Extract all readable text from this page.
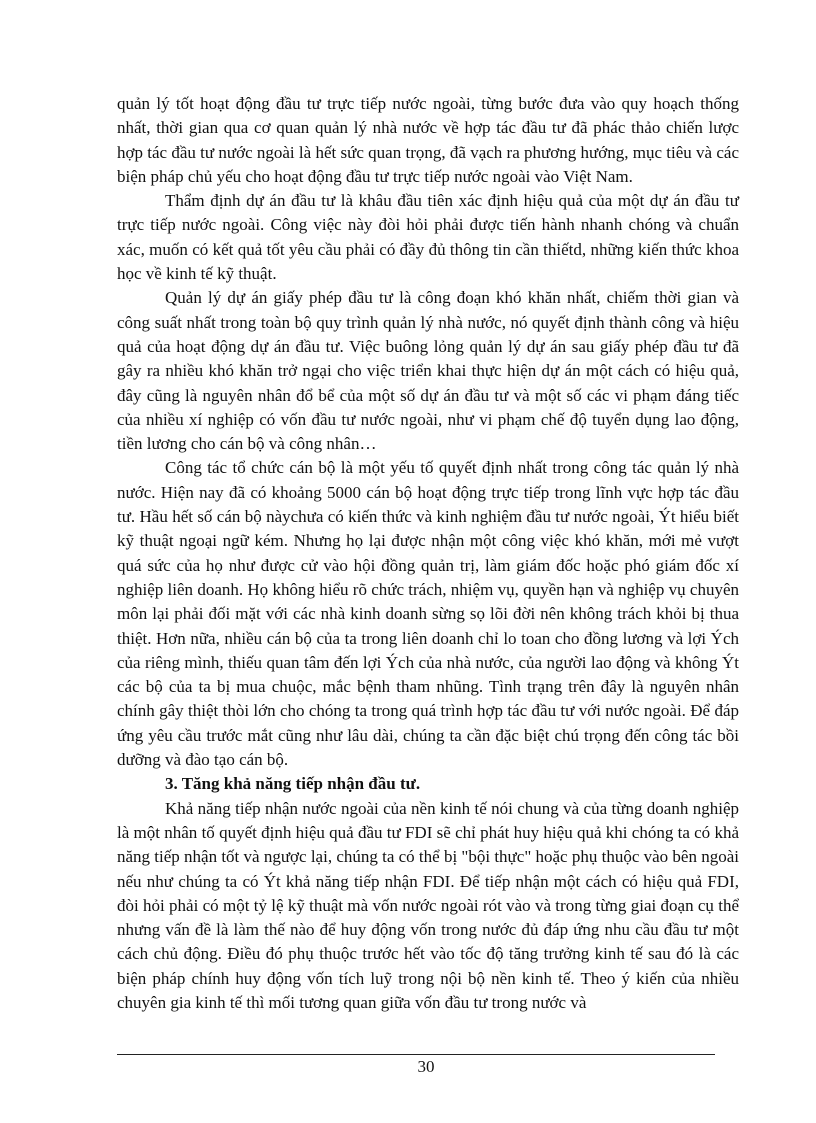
quản lý tốt hoạt động đầu tư trực tiếp nước ngoài, từng bước đưa vào quy hoạch thống nhất, thời gian qua cơ quan quản lý nhà nước về hợp tác đầu tư đã phác thảo chiến lược hợp tác đầu tư nước ngoài là hết sức quan trọng, đã vạch ra phương hướng, mục tiêu và các biện pháp chủ yếu cho hoạt động đầu tư trực tiếp nước ngoài vào Việt Nam.

Thẩm định dự án đầu tư là khâu đầu tiên xác định hiệu quả của một dự án đầu tư trực tiếp nước ngoài. Công việc này đòi hỏi phải được tiến hành nhanh chóng và chuẩn xác, muốn có kết quả tốt yêu cầu phải có đầy đủ thông tin cần thiếtd, những kiến thức khoa học về kinh tế kỹ thuật.

Quản lý dự án giấy phép đầu tư là công đoạn khó khăn nhất, chiếm thời gian và công suất nhất trong toàn bộ quy trình quản lý nhà nước, nó quyết định thành công và hiệu quả của hoạt động dự án đầu tư. Việc buông lỏng quản lý dự án sau giấy phép đầu tư đã gây ra nhiều khó khăn trở ngại cho việc triển khai thực hiện dự án một cách có hiệu quả, đây cũng là nguyên nhân đổ bể của một số dự án đầu tư và một số các vi phạm đáng tiếc của nhiều xí nghiệp có vốn đầu tư nước ngoài, như vi phạm chế độ tuyển dụng lao động, tiền lương cho cán bộ và công nhân…

Công tác tổ chức cán bộ là một yếu tố quyết định nhất trong công tác quản lý nhà nước. Hiện nay đã có khoảng 5000 cán bộ hoạt động trực tiếp trong lĩnh vực hợp tác đầu tư. Hầu hết số cán bộ nàychưa có kiến thức và kinh nghiệm đầu tư nước ngoài, Ýt hiểu biết kỹ thuật ngoại ngữ kém. Nhưng họ lại được nhận một công việc khó khăn, mới mẻ vượt quá sức của họ như được cử vào hội đồng quản trị, làm giám đốc hoặc phó giám đốc xí nghiệp liên doanh. Họ không hiểu rõ chức trách, nhiệm vụ, quyền hạn và nghiệp vụ chuyên môn lại phải đối mặt với các nhà kinh doanh sừng sọ lõi đời nên không trách khỏi bị thua thiệt. Hơn nữa, nhiều cán bộ của ta trong liên doanh chỉ lo toan cho đồng lương và lợi Ých của riêng mình, thiếu quan tâm đến lợi Ých của nhà nước, của người lao động và không Ýt các bộ của ta bị mua chuộc, mắc bệnh tham nhũng. Tình trạng trên đây là nguyên nhân chính gây thiệt thòi lớn cho chóng ta trong quá trình hợp tác đầu tư với nước ngoài. Để đáp ứng yêu cầu trước mắt cũng như lâu dài, chúng ta cần đặc biệt chú trọng đến công tác bồi dưỡng và đào tạo cán bộ.

3. Tăng khả năng tiếp nhận đầu tư.

Khả năng tiếp nhận nước ngoài của nền kinh tế nói chung và của từng doanh nghiệp là một nhân tố quyết định hiệu quả đầu tư FDI sẽ chỉ phát huy hiệu quả khi chóng ta có khả năng tiếp nhận tốt và ngược lại, chúng ta có thể bị "bội thực" hoặc phụ thuộc vào bên ngoài nếu như chúng ta có Ýt khả năng tiếp nhận FDI. Để tiếp nhận một cách có hiệu quả FDI, đòi hỏi phải có một tỷ lệ kỹ thuật mà vốn nước ngoài rót vào và trong từng giai đoạn cụ thể nhưng vấn đề là làm thế nào để huy động vốn trong nước đủ đáp ứng nhu cầu đầu tư một cách chủ động. Điều đó phụ thuộc trước hết vào tốc độ tăng trưởng kinh tế sau đó là các biện pháp chính huy động vốn tích luỹ trong nội bộ nền kinh tế. Theo ý kiến của nhiều chuyên gia kinh tế thì mối tương quan giữa vốn đầu tư trong nước và

30
